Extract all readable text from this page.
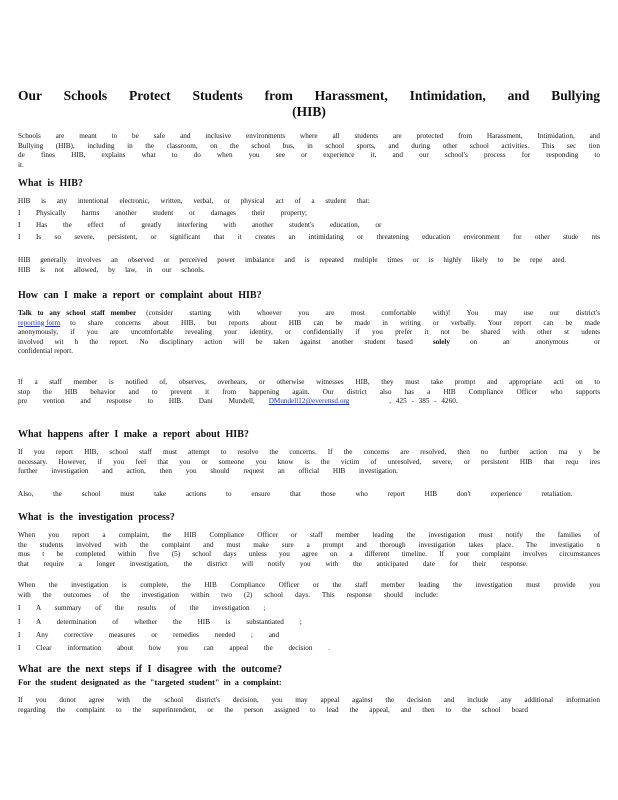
Our Schools Protect Students from Harassment, Intimidation, and Bullying
(HIB)
Schools are meant to be safe and inclusive environments where all students are protected from Harassment, Intimidation, and
Bullying (HIB), including in the classroom, on the school bus, in school sports, and during other school activities. This sec tion
de fines HIB, explains what to do when you see or experience it, and our school's process for responding to it.
What is HIB?
HIB is any intentional electronic, written, verbal, or physical act of a student that:
I Physically harms another student or damages their property;
I Has the effect of greatly interfering with another student's education, or
I Is so severe, persistent, or significant that it creates an intimidating or threatening education environment for other stude nts
HIB generally involves an observed or perceived power imbalance and is repeated multiple times or is highly likely to be repe ated.
HIB is not allowed, by law, in our schools.
How can I make a report or complaint about HIB?
Talk to any school staff member (consider starting with whoever you are most comfortable with)! You may use our district's
reporting form to share concerns about HIB, but reports about HIB can be made in writing or verbally. Your report can be made
anonymously, if you are uncomfortable revealing your identity, or confidentially if you prefer it not be shared with other st udents
involved wit h the report. No disciplinary action will be taken against another student based	solely	on an anonymous or
confidential report.
If a staff member is notified of, observes, overhears, or otherwise witnesses HIB, they must take prompt and appropriate acti on to
stop the HIB behavior and to prevent it from happening again. Our district also has a HIB Compliance Officer who supports
pre vention and response to HIB. Dani Mundell, DMundell12@everettsd.org	, 425 - 385 - 4260.
What happens after I make a report about HIB?
If you report HIB, school staff must attempt to resolve the concerns. If the concerns are resolved, then no further action ma y be
necessary. However, if you feel that you or someone you know is the victim of unresolved, severe, or persistent HIB that requ ires
further investigation and action, then you should request an official HIB investigation.
Also, the school must take actions to ensure that those who report HIB don't experience retaliation.
What is the investigation process?
When you report a complaint, the HIB Compliance Officer or staff member leading the investigation must notify the families of
the students involved with the complaint and must make sure a prompt and thorough investigation takes place. The investigatio n
mus t be completed within five (5) school days unless you agree on a different timeline. If your complaint involves circumstances
that require a longer investigation, the district will notify you with the anticipated date for their response.
When the investigation is complete, the HIB Compliance Officer or the staff member leading the investigation must provide you
with the outcomes of the investigation within two (2) school days. This response should include:
I A summary of the results of the investigation ;
I A determination of whether the HIB is substantiated ;
I Any corrective measures or remedies needed ; and
I Clear information about how you can appeal the decision .
What are the next steps if I disagree with the outcome?
For the student designated as the "targeted student" in a complaint:
If you donot agree with the school district's decision, you may appeal against the decision and include any additional information
regarding the complaint to the superintendent, or the person assigned to lead the appeal, and then to the school board
